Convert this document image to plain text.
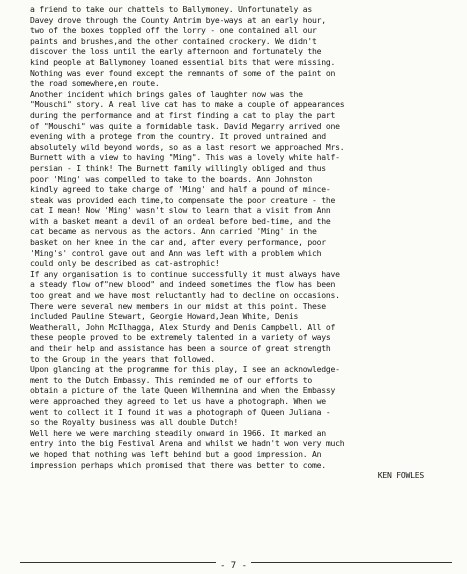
a friend to take our chattels to Ballymoney. Unfortunately as
Davey drove through the County Antrim bye-ways at an early hour,
two of the boxes toppled off the lorry - one contained all our
paints and brushes,and the other contained crockery. We didn't
discover the loss until the early afternoon and fortunately the
kind people at Ballymoney loaned essential bits that were missing.
Nothing was ever found except the remnants of some of the paint on
the road somewhere,en route.
Another incident which brings gales of laughter now was the
"Mouschi" story. A real live cat has to make a couple of appearances
during the performance and at first finding a cat to play the part
of "Mouschi" was quite a formidable task. David Megarry arrived one
evening with a protege from the country. It proved untrained and
absolutely wild beyond words, so as a last resort we approached Mrs.
Burnett with a view to having "Ming". This was a lovely white half-
persian - I think! The Burnett family willingly obliged and thus
poor 'Ming' was compelled to take to the boards. Ann Johnston
kindly agreed to take charge of 'Ming' and half a pound of mince-
steak was provided each time,to compensate the poor creature - the
cat I mean! Now 'Ming' wasn't slow to learn that a visit from Ann
with a basket meant a devil of an ordeal before bed-time, and the
cat became as nervous as the actors. Ann carried 'Ming' in the
basket on her knee in the car and, after every performance, poor
'Ming's' control gave out and Ann was left with a problem which
could only be described as cat-astrophic!
If any organisation is to continue successfully it must always have
a steady flow of"new blood" and indeed sometimes the flow has been
too great and we have most reluctantly had to decline on occasions.
There were several new members in our midst at this point. These
included Pauline Stewart, Georgie Howard,Jean White, Denis
Weatherall, John McIlhagga, Alex Sturdy and Denis Campbell. All of
these people proved to be extremely talented in a variety of ways
and their help and assistance has been a source of great strength
to the Group in the years that followed.
Upon glancing at the programme for this play, I see an acknowledge-
ment to the Dutch Embassy. This reminded me of our efforts to
obtain a picture of the late Queen Wilhemnina and when the Embassy
were approached they agreed to let us have a photograph. When we
went to collect it I found it was a photograph of Queen Juliana -
so the Royalty business was all double Dutch!
Well here we were marching steadily onward in 1966. It marked an
entry into the big Festival Arena and whilst we hadn't won very much
we hoped that nothing was left behind but a good impression. An
impression perhaps which promised that there was better to come.
KEN FOWLES
- 7 -
